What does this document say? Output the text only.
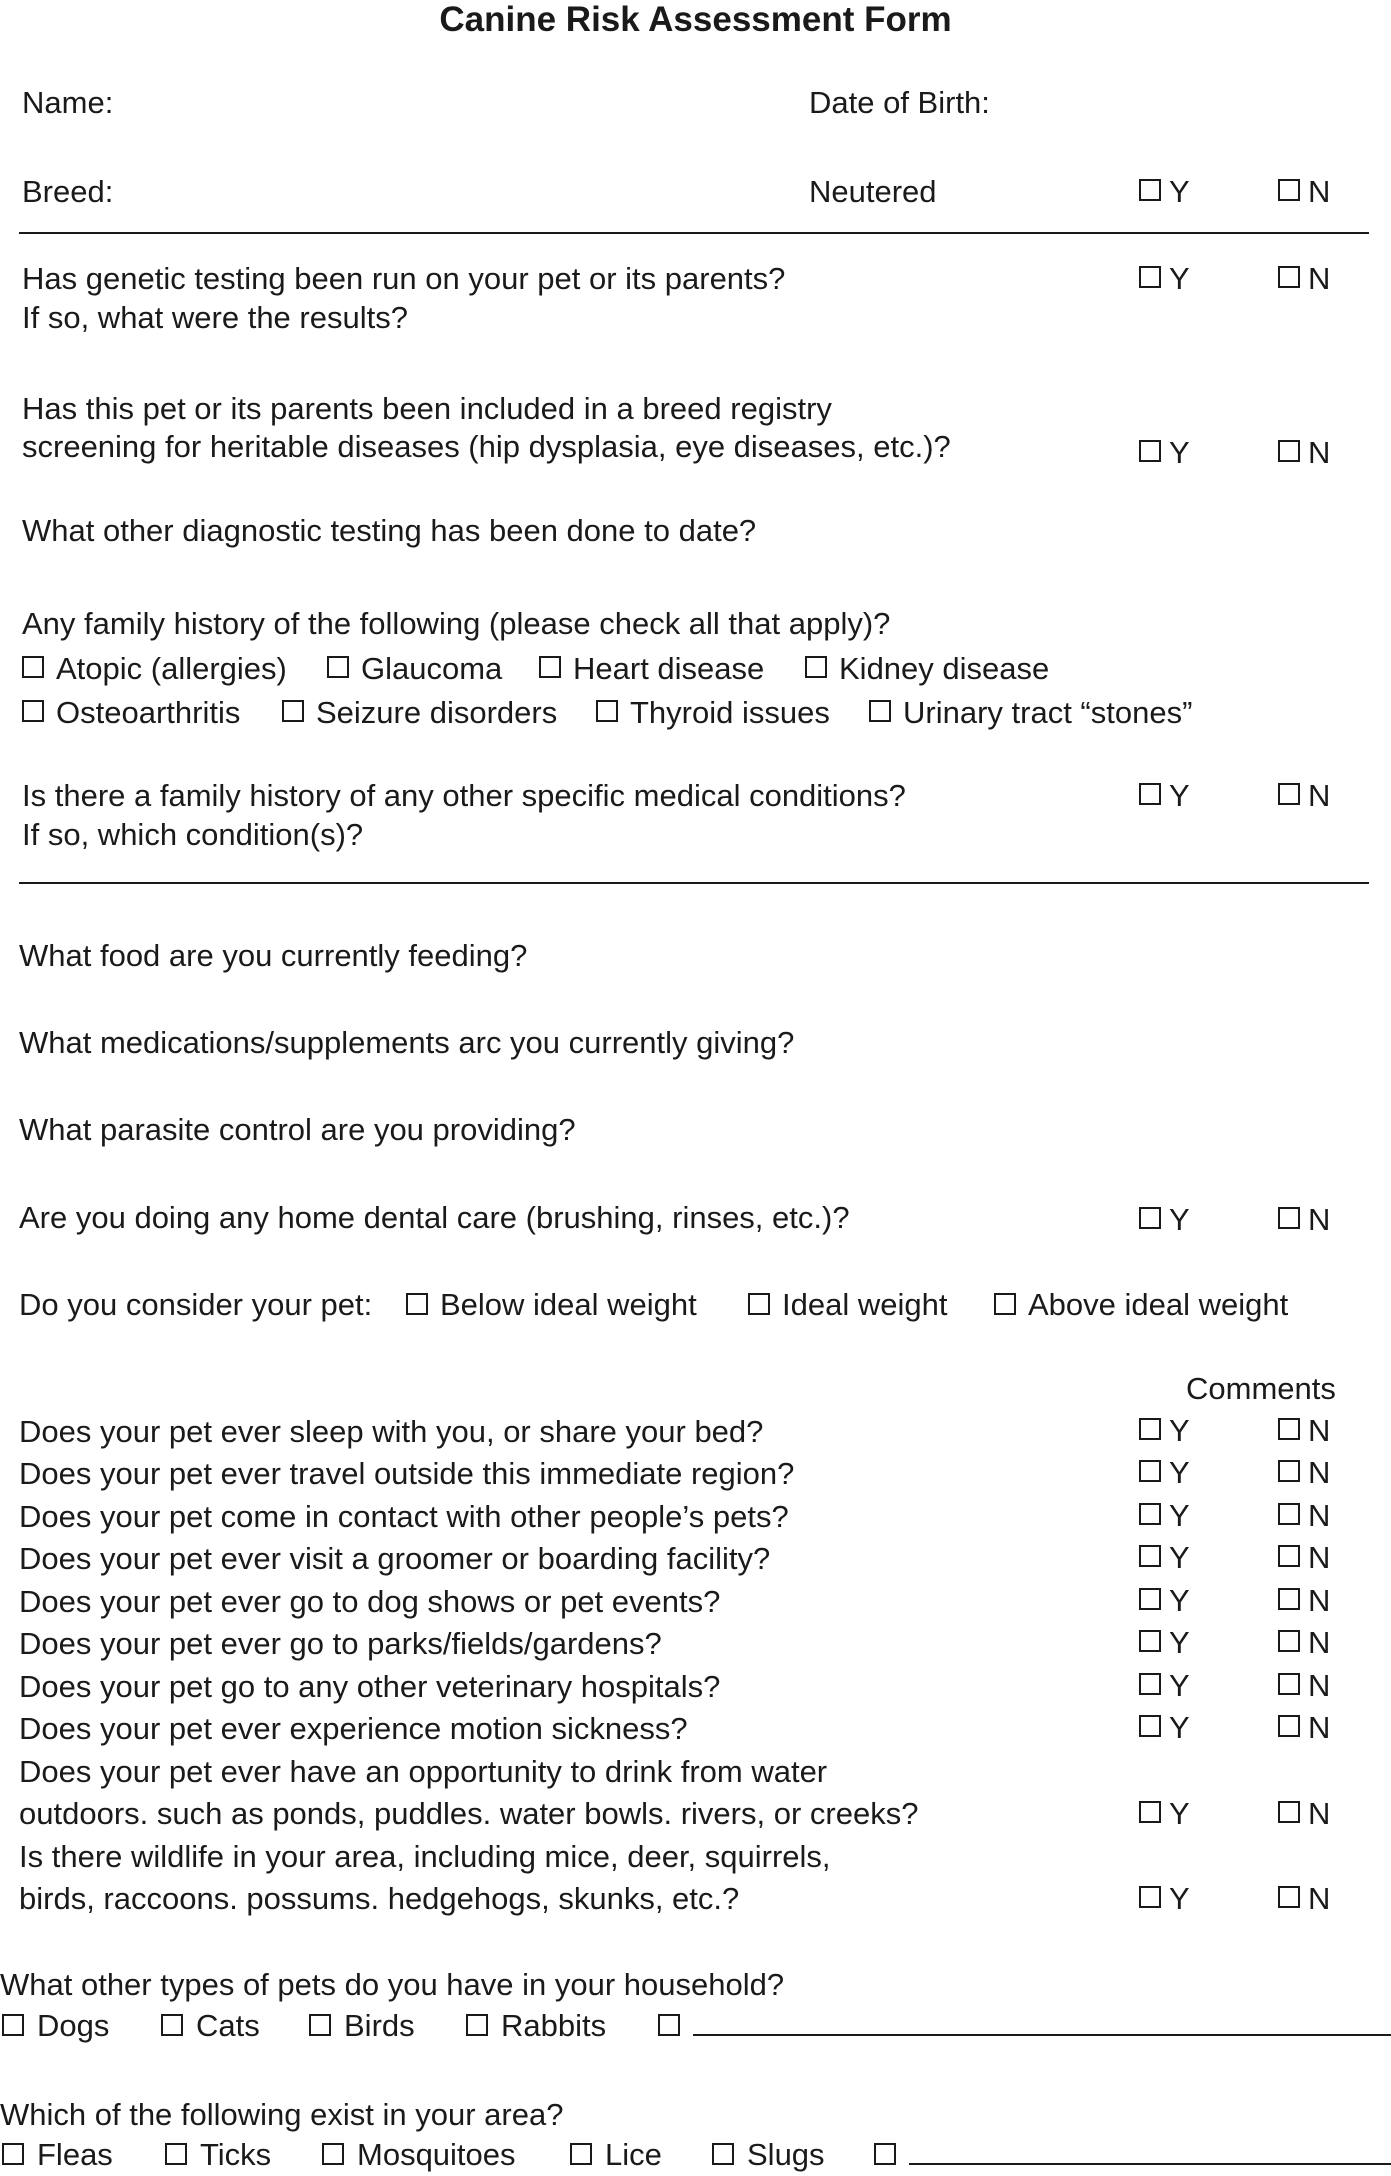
Canine Risk Assessment Form
Name:	Date of Birth:
Breed:	Neutered	Y	N
Has genetic testing been run on your pet or its parents?
If so, what were the results?
Y	N
Has this pet or its parents been included in a breed registry
screening for heritable diseases (hip dysplasia, eye diseases, etc.)?	Y	N
What other diagnostic testing has been done to date?
Any family history of the following (please check all that apply)?
Atopic (allergies) Glaucoma Heart disease Kidney disease
Osteoarthritis Seizure disorders Thyroid issues Urinary tract “stones”
Is there a family history of any other specific medical conditions?
If so, which condition(s)?
Y	N
What food are you currently feeding?
What medications/supplements arc you currently giving?
What parasite control are you providing?
Are you doing any home dental care (brushing, rinses, etc.)?	Y	N
Do you consider your pet: Below ideal weight	Ideal weight	Above ideal weight
Comments
Does your pet ever sleep with you, or share your bed?	Y	N
Does your pet ever travel outside this immediate region?	Y	N
Does your pet come in contact with other people’s pets?	Y	N
Does your pet ever visit a groomer or boarding facility?	Y	N
Does your pet ever go to dog shows or pet events?	Y	N
Does your pet ever go to parks/fields/gardens?	Y	N
Does your pet go to any other veterinary hospitals?	Y	N
Does your pet ever experience motion sickness?	Y	N
Does your pet ever have an opportunity to drink from water
outdoors. such as ponds, puddles. water bowls. rivers, or creeks?	Y	N
Is there wildlife in your area, including mice, deer, squirrels,
birds, raccoons. possums. hedgehogs, skunks, etc.?	Y	N
What other types of pets do you have in your household?
Dogs	Cats	Birds	Rabbits
Which of the following exist in your area?
Fleas	Ticks	Mosquitoes	Lice	Slugs
